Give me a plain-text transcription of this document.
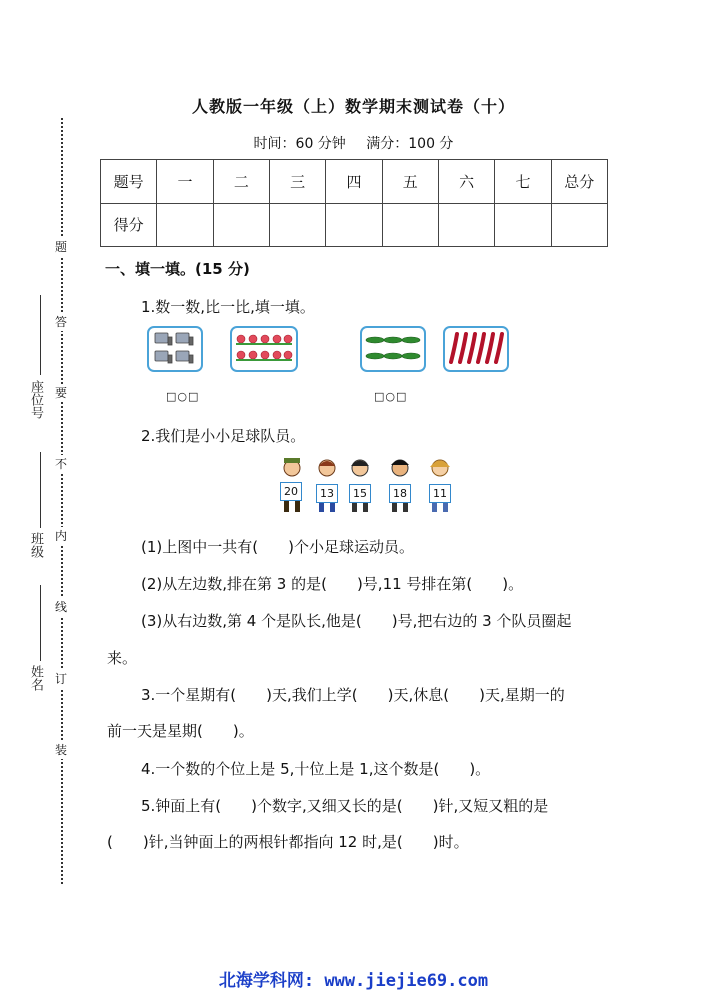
座位号
班级
姓名
题
答
要
不
内
线
订
装
人教版一年级（上）数学期末测试卷（十）
时间：60 分钟 满分：100 分
题号	一	二	三	四	五	六	七	总分
得分								
一、填一填。(15 分)
1.数一数,比一比,填一填。
□○□	□○□
2.我们是小小足球队员。
20	13	15	18	11
(1)上图中一共有(　　)个小足球运动员。
(2)从左边数,排在第 3 的是(　　)号,11 号排在第(　　)。
(3)从右边数,第 4 个是队长,他是(　　)号,把右边的 3 个队员圈起
来。
3.一个星期有(　　)天,我们上学(　　)天,休息(　　)天,星期一的
前一天是星期(　　)。
4.一个数的个位上是 5,十位上是 1,这个数是(　　)。
5.钟面上有(　　)个数字,又细又长的是(　　)针,又短又粗的是
(　　)针,当钟面上的两根针都指向 12 时,是(　　)时。
北海学科网: www.jiejie69.com
